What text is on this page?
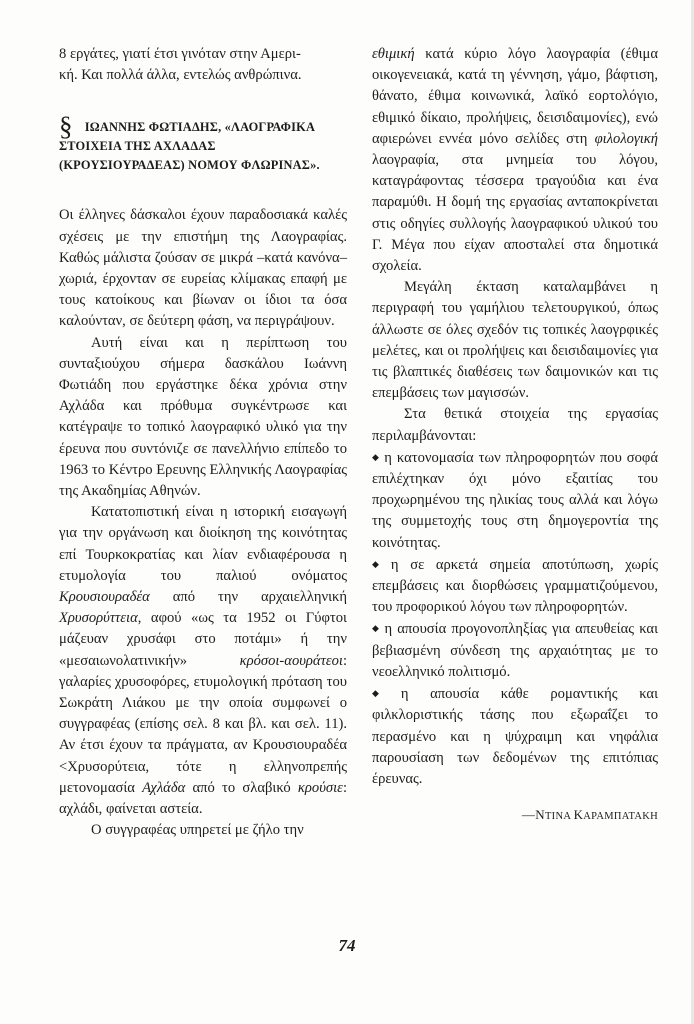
8 εργάτες, γιατί έτσι γινόταν στην Αμερι-
κή. Και πολλά άλλα, εντελώς ανθρώπινα.

§ ΙΩΑΝΝΗΣ ΦΩΤΙΑΔΗΣ, «ΛΑΟΓΡΑΦΙΚΑ
ΣΤΟΙΧΕΙΑ ΤΗΣ ΑΧΛΑΔΑΣ
(ΚΡΟΥΣΙΟΥΡΑΔΕΑΣ) ΝΟΜΟΥ ΦΛΩΡΙΝΑΣ».

Οι έλληνες δάσκαλοι έχουν παραδοσιακά καλές σχέσεις με την επιστήμη της Λαογραφίας. Καθώς μάλιστα ζούσαν σε μικρά –κατά κανόνα– χωριά, έρχονταν σε ευρείας κλίμακας επαφή με τους κατοίκους και βίωναν οι ίδιοι τα όσα καλούνταν, σε δεύτερη φάση, να περιγράψουν.

Αυτή είναι και η περίπτωση του συνταξιούχου σήμερα δασκάλου Ιωάννη Φωτιάδη που εργάστηκε δέκα χρόνια στην Αχλάδα και πρόθυμα συγκέντρωσε και κατέγραψε το τοπικό λαογραφικό υλικό για την έρευνα που συντόνιζε σε πανελλήνιο επίπεδο το 1963 το Κέντρο Ερευνης Ελληνικής Λαογραφίας της Ακαδημίας Αθηνών.

Κατατοπιστική είναι η ιστορική εισαγωγή για την οργάνωση και διοίκηση της κοινότητας επί Τουρκοκρατίας και λίαν ενδιαφέρουσα η ετυμολογία του παλιού ονόματος Κρουσιουραδέα από την αρχαιελληνική Χρυσορύττεια, αφού «ως τα 1952 οι Γύφτοι μάζευαν χρυσάφι στο ποτάμι» ή την «μεσαιωνολατινικήν» κρόσοι-αουράτεοι: γαλαρίες χρυσοφόρες, ετυμολογική πρόταση του Σωκράτη Λιάκου με την οποία συμφωνεί ο συγγραφέας (επίσης σελ. 8 και βλ. και σελ. 11). Αν έτσι έχουν τα πράγματα, αν Κρουσιουραδέα <Χρυσορύτεια, τότε η ελληνοπρεπής μετονομασία Αχλάδα από το σλαβικό κρούσιε: αχλάδι, φαίνεται αστεία.

Ο συγγραφέας υπηρετεί με ζήλο την

εθιμική κατά κύριο λόγο λαογραφία (έθιμα οικογενειακά, κατά τη γέννηση, γάμο, βάφτιση, θάνατο, έθιμα κοινωνικά, λαϊκό εορτολόγιο, εθιμικό δίκαιο, προλήψεις, δεισιδαιμονίες), ενώ αφιερώνει εννέα μόνο σελίδες στη φιλολογική λαογραφία, στα μνημεία του λόγου, καταγράφοντας τέσσερα τραγούδια και ένα παραμύθι. Η δομή της εργασίας ανταποκρίνεται στις οδηγίες συλλογής λαογραφικού υλικού του Γ. Μέγα που είχαν αποσταλεί στα δημοτικά σχολεία.

Μεγάλη έκταση καταλαμβάνει η περιγραφή του γαμήλιου τελετουργικού, όπως άλλωστε σε όλες σχεδόν τις τοπικές λαογρφικές μελέτες, και οι προλήψεις και δεισιδαιμονίες για τις βλαπτικές διαθέσεις των δαιμονικών και τις επεμβάσεις των μαγισσών.

Στα θετικά στοιχεία της εργασίας περιλαμβάνονται:

◆ η κατονομασία των πληροφορητών που σοφά επιλέχτηκαν όχι μόνο εξαιτίας του προχωρημένου της ηλικίας τους αλλά και λόγω της συμμετοχής τους στη δημογεροντία της κοινότητας.

◆ η σε αρκετά σημεία αποτύπωση, χωρίς επεμβάσεις και διορθώσεις γραμματιζούμενου, του προφορικού λόγου των πληροφορητών.

◆ η απουσία προγονοπληξίας για απευθείας και βεβιασμένη σύνδεση της αρχαιότητας με το νεοελληνικό πολιτισμό.

◆ η απουσία κάθε ρομαντικής και φιλκλοριστικής τάσης που εξωραΐζει το περασμένο και η ψύχραιμη και νηφάλια παρουσίαση των δεδομένων της επιτόπιας έρευνας.

—ΝΤΙΝΑ ΚΑΡΑΜΠΑΤΑΚΗ
74
